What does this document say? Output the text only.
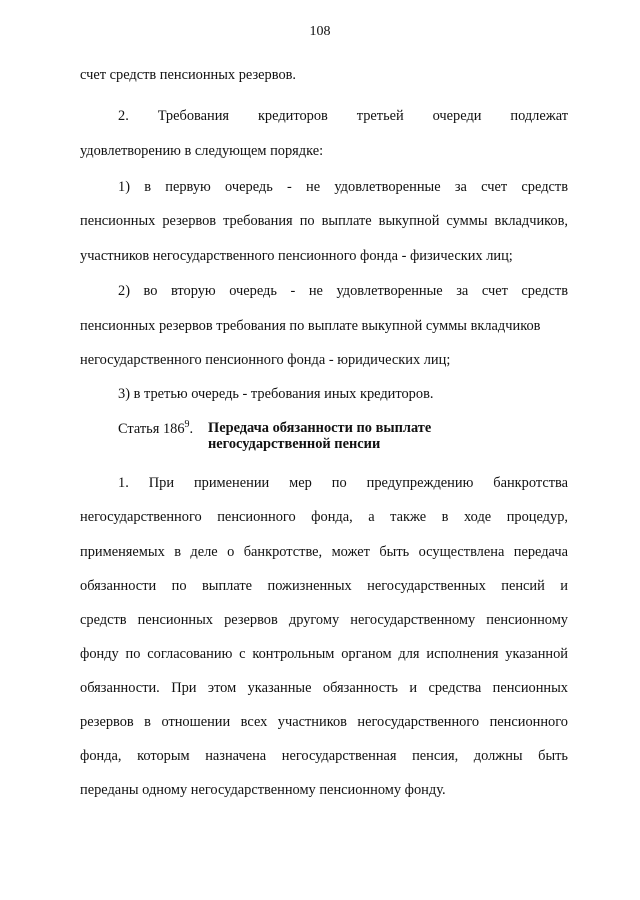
108
счет средств пенсионных резервов.
2. Требования кредиторов третьей очереди подлежат
удовлетворению в следующем порядке:
1) в первую очередь - не удовлетворенные за счет средств
пенсионных резервов требования по выплате выкупной суммы вкладчиков,
участников негосударственного пенсионного фонда - физических лиц;
2) во вторую очередь - не удовлетворенные за счет средств
пенсионных резервов требования по выплате выкупной суммы вкладчиков
негосударственного пенсионного фонда - юридических лиц;
3) в третью очередь - требования иных кредиторов.
Статья $186^9$. Передача обязанности по выплате
негосударственной пенсии
1. При применении мер по предупреждению банкротства
негосударственного пенсионного фонда, а также в ходе процедур,
применяемых в деле о банкротстве, может быть осуществлена передача
обязанности по выплате пожизненных негосударственных пенсий и
средств пенсионных резервов другому негосударственному пенсионному
фонду по согласованию с контрольным органом для исполнения указанной
обязанности. При этом указанные обязанность и средства пенсионных
резервов в отношении всех участников негосударственного пенсионного
фонда, которым назначена негосударственная пенсия, должны быть
переданы одному негосударственному пенсионному фонду.
